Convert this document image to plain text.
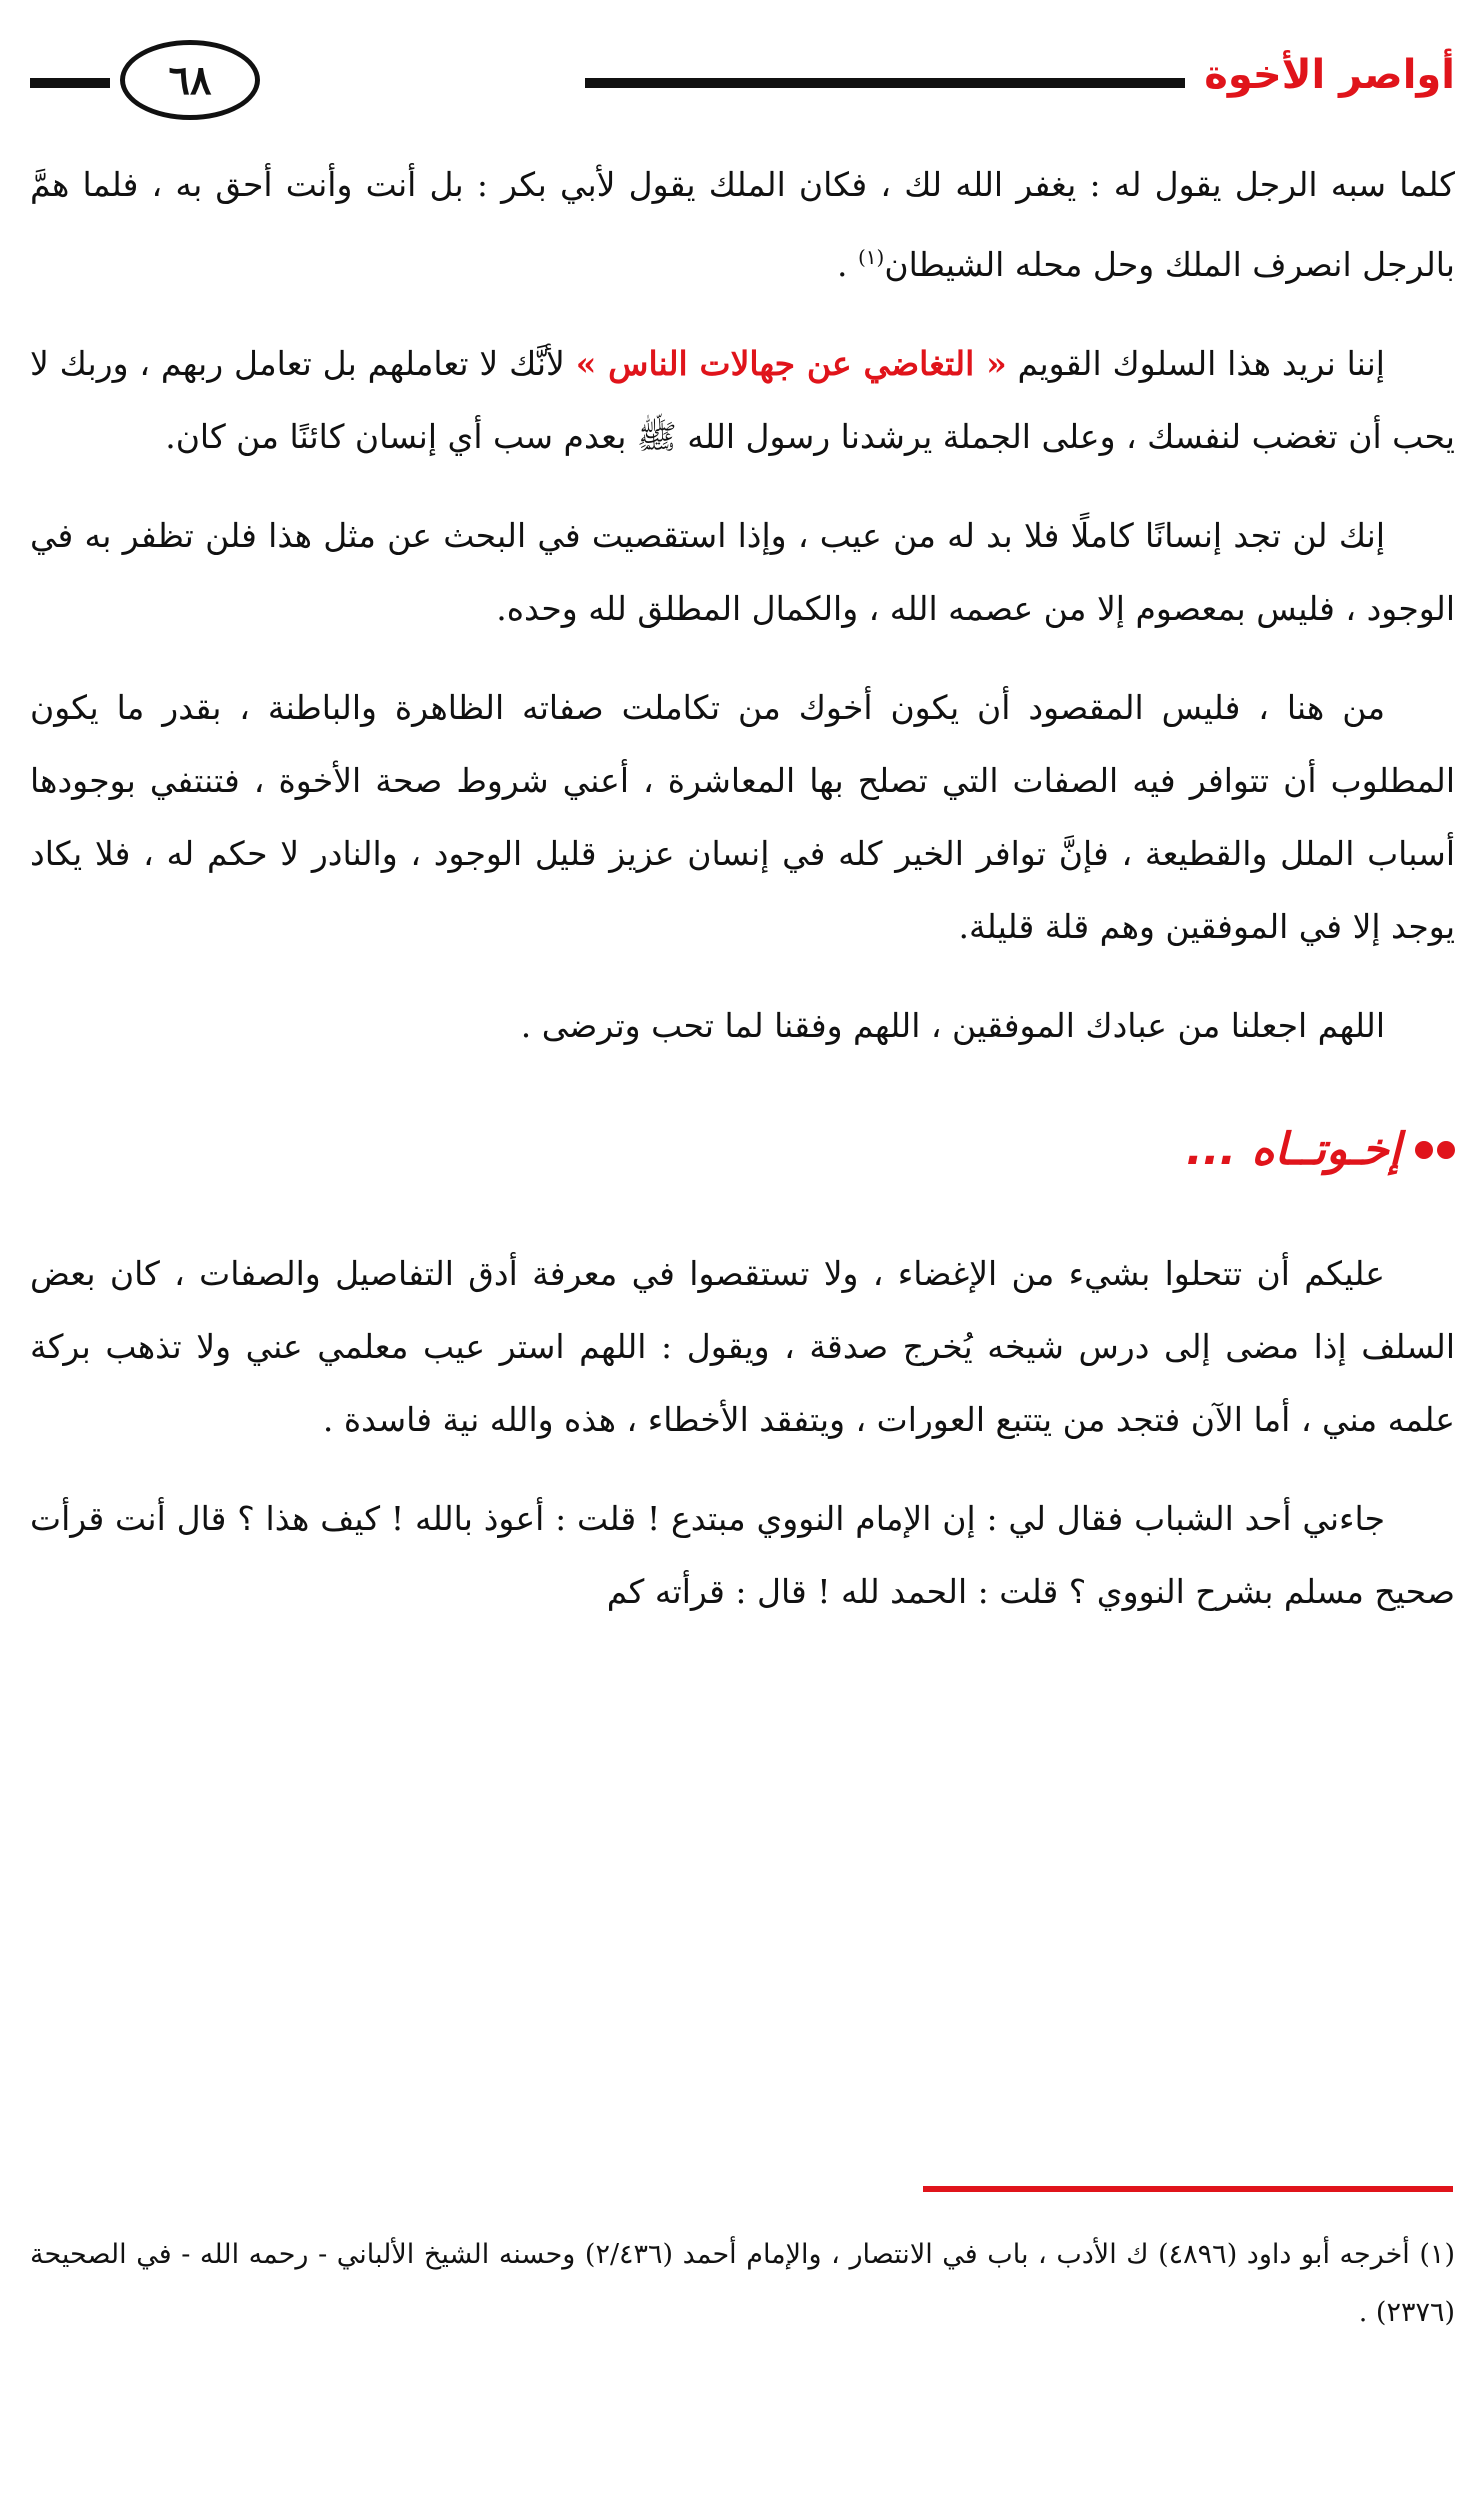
أواصر الأخوة
٦٨

كلما سبه الرجل يقول له : يغفر الله لك ، فكان الملك يقول لأبي بكر : بل أنت وأنت أحق به ، فلما همَّ بالرجل انصرف الملك وحل محله الشيطان$^{(١)}$ .

إننا نريد هذا السلوك القويم « التغاضي عن جهالات الناس » لأنَّك لا تعاملهم بل تعامل ربهم ، وربك لا يحب أن تغضب لنفسك ، وعلى الجملة يرشدنا رسول الله ﷺ بعدم سب أي إنسان كائنًا من كان.

إنك لن تجد إنسانًا كاملًا فلا بد له من عيب ، وإذا استقصيت في البحث عن مثل هذا فلن تظفر به في الوجود ، فليس بمعصوم إلا من عصمه الله ، والكمال المطلق لله وحده.

من هنا ، فليس المقصود أن يكون أخوك من تكاملت صفاته الظاهرة والباطنة ، بقدر ما يكون المطلوب أن تتوافر فيه الصفات التي تصلح بها المعاشرة ، أعني شروط صحة الأخوة ، فتنتفي بوجودها أسباب الملل والقطيعة ، فإنَّ توافر الخير كله في إنسان عزيز قليل الوجود ، والنادر لا حكم له ، فلا يكاد يوجد إلا في الموفقين وهم قلة قليلة.

اللهم اجعلنا من عبادك الموفقين ، اللهم وفقنا لما تحب وترضى .

إخـوتــاه ...

عليكم أن تتحلوا بشيء من الإغضاء ، ولا تستقصوا في معرفة أدق التفاصيل والصفات ، كان بعض السلف إذا مضى إلى درس شيخه يُخرج صدقة ، ويقول : اللهم استر عيب معلمي عني ولا تذهب بركة علمه مني ، أما الآن فتجد من يتتبع العورات ، ويتفقد الأخطاء ، هذه والله نية فاسدة .

جاءني أحد الشباب فقال لي : إن الإمام النووي مبتدع ! قلت : أعوذ بالله ! كيف هذا ؟ قال أنت قرأت صحيح مسلم بشرح النووي ؟ قلت : الحمد لله ! قال : قرأته كم

(١) أخرجه أبو داود (٤٨٩٦) ك الأدب ، باب في الانتصار ، والإمام أحمد (٢/٤٣٦) وحسنه الشيخ الألباني - رحمه الله - في الصحيحة (٢٣٧٦) .
